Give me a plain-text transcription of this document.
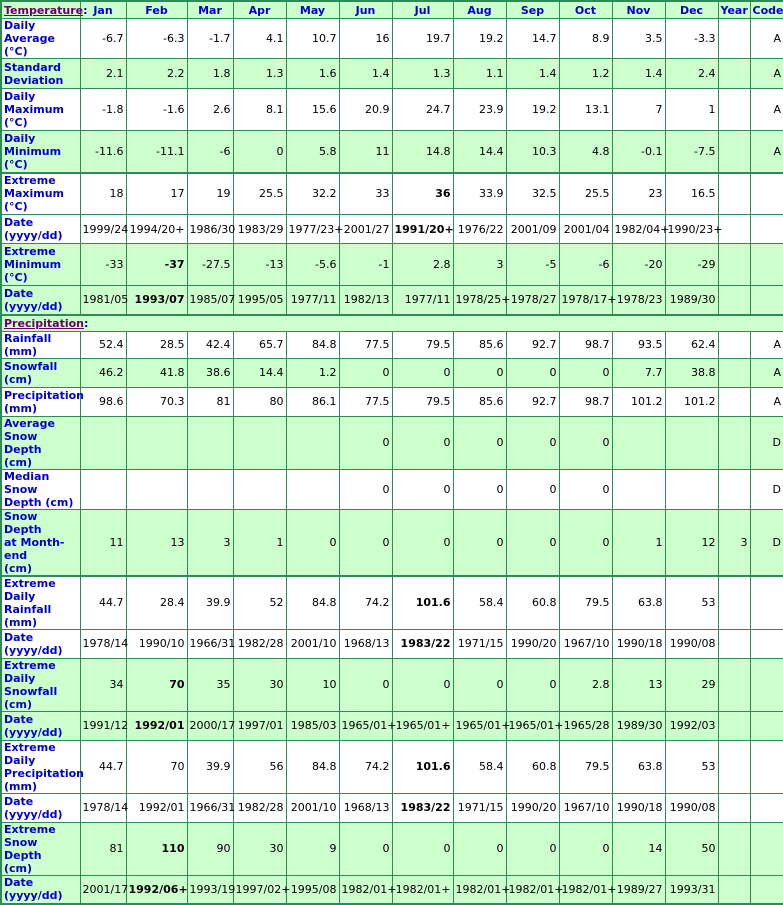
Temperature:	Jan	Feb	Mar	Apr	May	Jun	Jul	Aug	Sep	Oct	Nov	Dec	Year	Code
Daily Average
(°C)	-6.7	-6.3	-1.7	4.1	10.7	16	19.7	19.2	14.7	8.9	3.5	-3.3		A
Standard
Deviation	2.1	2.2	1.8	1.3	1.6	1.4	1.3	1.1	1.4	1.2	1.4	2.4		A
Daily
Maximum
(°C)	-1.8	-1.6	2.6	8.1	15.6	20.9	24.7	23.9	19.2	13.1	7	1		A
Daily
Minimum
(°C)	-11.6	-11.1	-6	0	5.8	11	14.8	14.4	10.3	4.8	-0.1	-7.5		A
Extreme
Maximum
(°C)	18	17	19	25.5	32.2	33	36	33.9	32.5	25.5	23	16.5		
Date
(yyyy/dd)	1999/24	1994/20+	1986/30	1983/29	1977/23+	2001/27	1991/20+	1976/22	2001/09	2001/04	1982/04+	1990/23+		
Extreme
Minimum
(°C)	-33	-37	-27.5	-13	-5.6	-1	2.8	3	-5	-6	-20	-29		
Date
(yyyy/dd)	1981/05	1993/07	1985/07	1995/05	1977/11	1982/13	1977/11	1978/25+	1978/27	1978/17+	1978/23	1989/30		
Precipitation:														
Rainfall (mm)	52.4	28.5	42.4	65.7	84.8	77.5	79.5	85.6	92.7	98.7	93.5	62.4		A
Snowfall
(cm)	46.2	41.8	38.6	14.4	1.2	0	0	0	0	0	7.7	38.8		A
Precipitation
(mm)	98.6	70.3	81	80	86.1	77.5	79.5	85.6	92.7	98.7	101.2	101.2		A
Average
Snow Depth
(cm)						0	0	0	0	0				D
Median Snow
Depth (cm)						0	0	0	0	0				D
Snow Depth
at Month-end
(cm)	11	13	3	1	0	0	0	0	0	0	1	12	3	D
Extreme Daily
Rainfall (mm)	44.7	28.4	39.9	52	84.8	74.2	101.6	58.4	60.8	79.5	63.8	53		
Date
(yyyy/dd)	1978/14	1990/10	1966/31	1982/28	2001/10	1968/13	1983/22	1971/15	1990/20	1967/10	1990/18	1990/08		
Extreme Daily
Snowfall
(cm)	34	70	35	30	10	0	0	0	0	2.8	13	29		
Date
(yyyy/dd)	1991/12	1992/01	2000/17	1997/01	1985/03	1965/01+	1965/01+	1965/01+	1965/01+	1965/28	1989/30	1992/03		
Extreme Daily
Precipitation
(mm)	44.7	70	39.9	56	84.8	74.2	101.6	58.4	60.8	79.5	63.8	53		
Date
(yyyy/dd)	1978/14	1992/01	1966/31	1982/28	2001/10	1968/13	1983/22	1971/15	1990/20	1967/10	1990/18	1990/08		
Extreme
Snow Depth
(cm)	81	110	90	30	9	0	0	0	0	0	14	50		
Date
(yyyy/dd)	2001/17	1992/06+	1993/19	1997/02+	1995/08	1982/01+	1982/01+	1982/01+	1982/01+	1982/01+	1989/27	1993/31		
